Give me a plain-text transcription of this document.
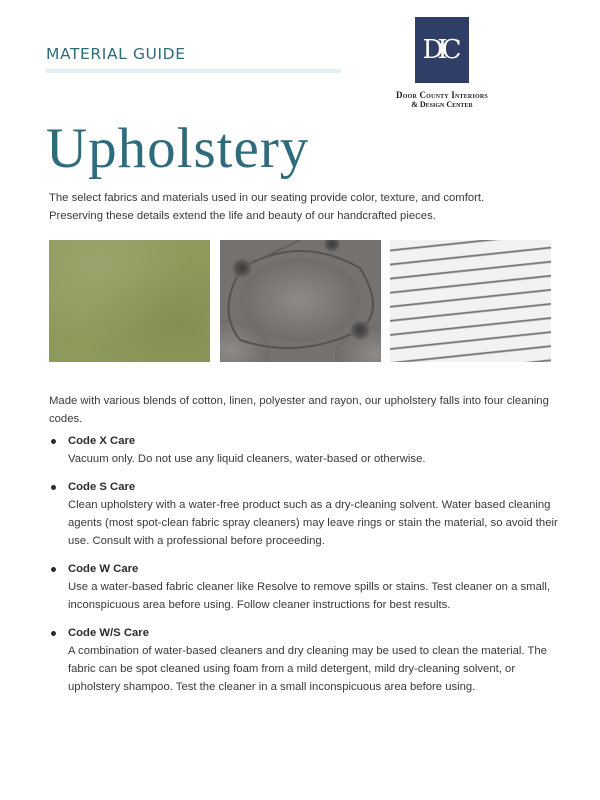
MATERIAL GUIDE	DIC
Door County Interiors
& Design Center
Upholstery

The select fabrics and materials used in our seating provide color, texture, and comfort.
Preserving these details extend the life and beauty of our handcrafted pieces.

Made with various blends of cotton, linen, polyester and rayon, our upholstery falls into four cleaning codes.

Code X Care
Vacuum only. Do not use any liquid cleaners, water-based or otherwise.
Code S Care
Clean upholstery with a water-free product such as a dry-cleaning solvent. Water based cleaning agents (most spot-clean fabric spray cleaners) may leave rings or stain the material, so avoid their use. Consult with a professional before proceeding.
Code W Care
Use a water-based fabric cleaner like Resolve to remove spills or stains. Test cleaner on a small, inconspicuous area before using. Follow cleaner instructions for best results.
Code W/S Care
A combination of water-based cleaners and dry cleaning may be used to clean the material. The fabric can be spot cleaned using foam from a mild detergent, mild dry-cleaning solvent, or upholstery shampoo. Test the cleaner in a small inconspicuous area before using.
